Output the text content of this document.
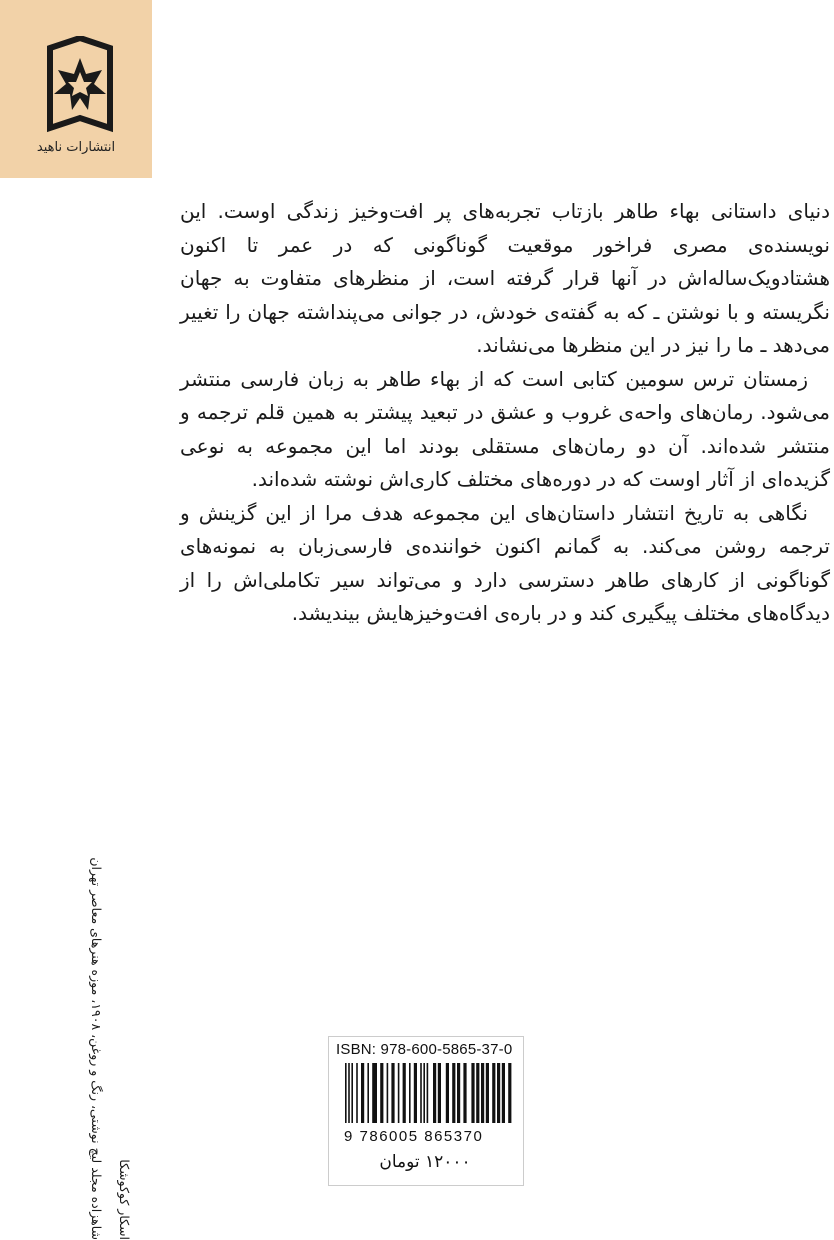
انتشارات ناهید

دنیای داستانی بهاء طاهر بازتاب تجربه‌های پر افت‌وخیز زندگی اوست. این نویسنده‌ی مصری فراخور موقعیت گوناگونی که در عمر تا اکنون هشتادویک‌ساله‌اش در آنها قرار گرفته است، از منظرهای متفاوت به جهان نگریسته و با نوشتن ـ که به گفته‌ی خودش، در جوانی می‌پنداشته جهان را تغییر می‌دهد ـ ما را نیز در این منظرها می‌نشاند.

زمستان ترس سومین کتابی است که از بهاء طاهر به زبان فارسی منتشر می‌شود. رمان‌های واحه‌ی غروب و عشق در تبعید پیشتر به همین قلم ترجمه و منتشر شده‌اند. آن دو رمان‌های مستقلی بودند اما این مجموعه به نوعی گزیده‌ای از آثار اوست که در دوره‌های مختلف کاری‌اش نوشته شده‌اند.

نگاهی به تاریخ انتشار داستان‌های این مجموعه هدف مرا از این گزینش و ترجمه روشن می‌کند. به گمانم اکنون خواننده‌ی فارسی‌زبان به نمونه‌های گوناگونی از کارهای طاهر دسترسی دارد و می‌تواند سیر تکاملی‌اش را از دیدگاه‌های مختلف پیگیری کند و در باره‌ی افت‌وخیزهایش بیندیشد.

اسکار کوکوشکا
شاهزاده مجلد لیچ نوشتی، رنگ و روغن، ۱۹۰۸، موزه هنرهای معاصر تهران	ISBN: 978-600-5865-37-0
9 786005 865370
۱۲۰۰۰ تومان
